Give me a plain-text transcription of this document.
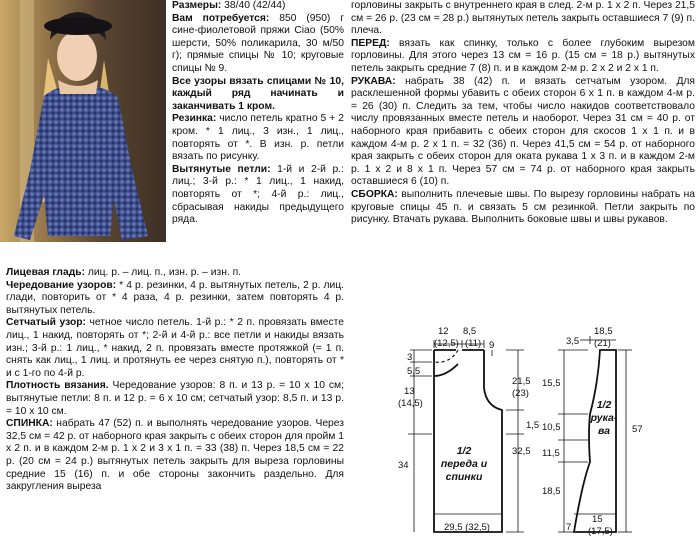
Размеры: 38/40 (42/44)

Вам потребуется: 850 (950) г сине-фиолетовой пряжи Ciao (50% шерсти, 50% поликарила, 30 м/50 г); прямые спицы № 10; круговые спицы № 9.

Все узоры вязать спицами № 10, каждый ряд начинать и заканчивать 1 кром.

Резинка: число петель кратно 5 + 2 кром. * 1 лиц., 3 изн., 1 лиц., повторять от *. В изн. р. петли вязать по рисунку.

Вытянутые петли: 1-й и 2-й р.: лиц.; 3-й р.: * 1 лиц., 1 накид, повторять от *; 4-й р.: лиц., сбрасывая накиды предыдущего ряда.

Лицевая гладь: лиц. р. – лиц. п., изн. р. – изн. п.

Чередование узоров: * 4 р. резинки, 4 р. вытянутых петель, 2 р. лиц. глади, повторить от * 4 раза, 4 р. резинки, затем повторять 4 р. вытянутых петель.

Сетчатый узор: четное число петель. 1-й р.: * 2 п. провязать вместе лиц., 1 накид, повторять от *; 2-й и 4-й р.: все петли и накиды вязать изн.; 3-й р.: 1 лиц., * накид, 2 п. провязать вместе протяжкой (= 1 п. снять как лиц., 1 лиц. и протянуть ее через снятую п.), повторять от * и с 1-го по 4-й р.

Плотность вязания. Чередование узоров: 8 п. и 13 р. = 10 x 10 см; вытянутые петли: 8 п. и 12 р. = 6 x 10 см; сетчатый узор: 8,5 п. и 13 р. = 10 x 10 см.

СПИНКА: набрать 47 (52) п. и выполнять чередование узоров. Через 32,5 см = 42 р. от наборного края закрыть с обеих сторон для пройм 1 x 2 п. и в каждом 2-м р. 1 x 2 и 3 x 1 п. = 33 (38) п. Через 18,5 см = 22 р. (20 см = 24 р.) вытянутых петель закрыть для выреза горловины средние 15 (16) п. и обе стороны закончить раздельно. Для закругления выреза

горловины закрыть с внутреннего края в след. 2-м р. 1 x 2 п. Через 21,5 см = 26 р. (23 см = 28 р.) вытянутых петель закрыть оставшиеся 7 (9) п. плеча.

ПЕРЕД: вязать как спинку, только с более глубоким вырезом горловины. Для этого через 13 см = 16 р. (15 см = 18 р.) вытянутых петель закрыть средние 7 (8) п. и в каждом 2-м р. 2 x 2 и 2 x 1 п.

РУКАВА: набрать 38 (42) п. и вязать сетчатым узором. Для расклешенной формы убавить с обеих сторон 6 x 1 п. в каждом 4-м р. = 26 (30) п. Следить за тем, чтобы число накидов соответствовало числу провязанных вместе петель и наоборот. Через 31 см = 40 р. от наборного края прибавить с обеих сторон для скосов 1 x 1 п. и в каждом 4-м р. 2 x 1 п. = 32 (36) п. Через 41,5 см = 54 р. от наборного края закрыть с обеих сторон для оката рукава 1 x 3 п. и в каждом 2-м р. 1 x 2 и 8 x 1 п. Через 57 см = 74 р. от наборного края закрыть оставшиеся 6 (10) п.

СБОРКА: выполнить плечевые швы. По вырезу горловины набрать на круговые спицы 45 п. и связать 5 см резинкой. Петли закрыть по рисунку. Втачать рукава. Выполнить боковые швы и швы рукавов.

12
(12,5)
8,5
(11) 9
3
5,5
13
(14,5)
21,5
(23)
1,5
32,5
34
29,5 (32,5)
1/2
переда и
спинки
3,5
18,5
(21)
15,5
10,5
11,5
18,5
57
7
15
(17,5)
1/2
рука-
ва
